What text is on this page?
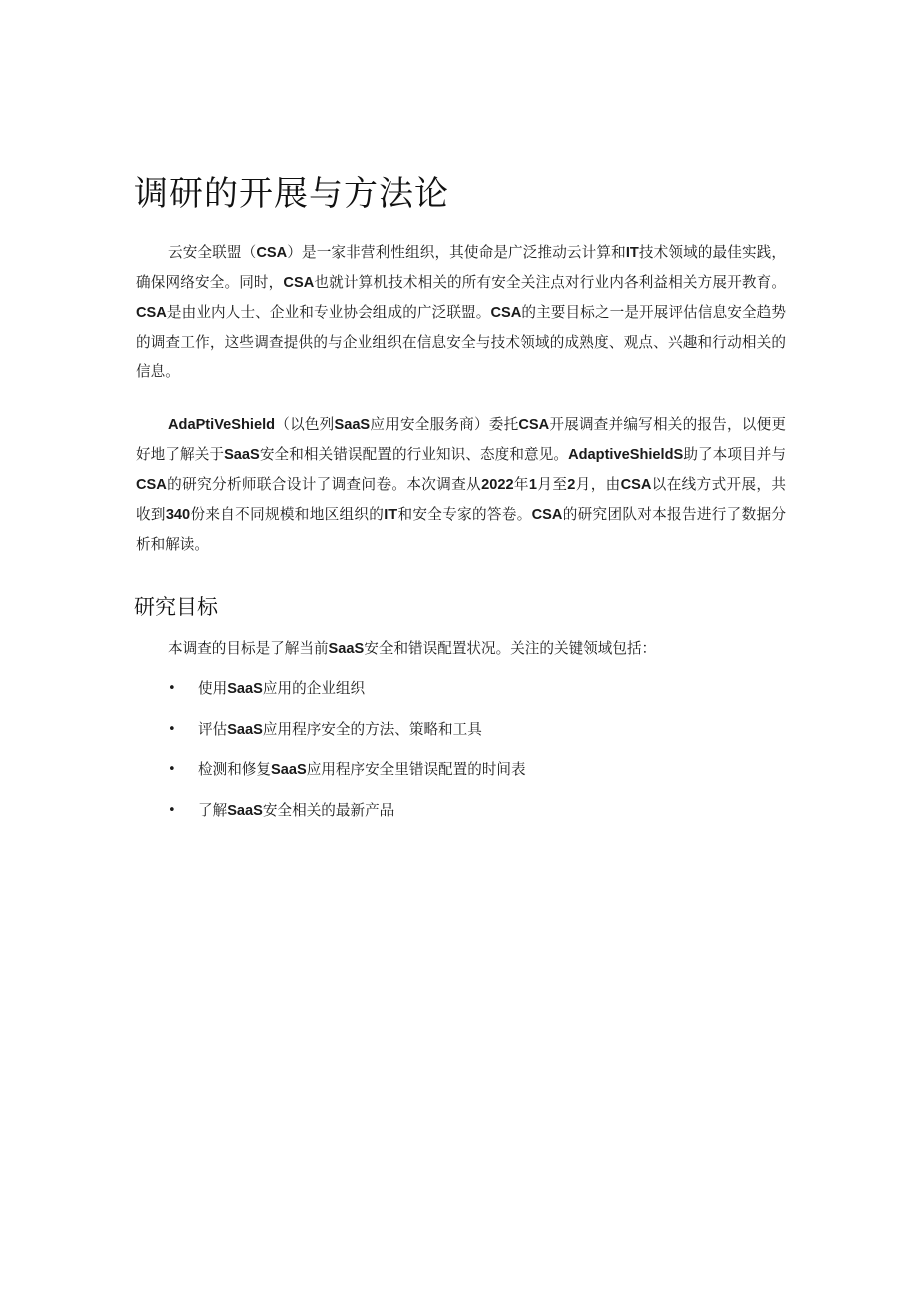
调研的开展与方法论

云安全联盟（CSA）是一家非营利性组织，其使命是广泛推动云计算和IT技术领域的最佳实践，确保网络安全。同时，CSA也就计算机技术相关的所有安全关注点对行业内各利益相关方展开教育。CSA是由业内人士、企业和专业协会组成的广泛联盟。CSA的主要目标之一是开展评估信息安全趋势的调查工作，这些调查提供的与企业组织在信息安全与技术领域的成熟度、观点、兴趣和行动相关的信息。

AdaPtiVeShield（以色列SaaS应用安全服务商）委托CSA开展调查并编写相关的报告，以便更好地了解关于SaaS安全和相关错误配置的行业知识、态度和意见。AdaptiveShieldS助了本项目并与CSA的研究分析师联合设计了调查问卷。本次调查从2022年1月至2月，由CSA以在线方式开展，共收到340份来自不同规模和地区组织的IT和安全专家的答卷。CSA的研究团队对本报告进行了数据分析和解读。

研究目标

本调查的目标是了解当前SaaS安全和错误配置状况。关注的关键领域包括：

•	使用SaaS应用的企业组织
•	评估SaaS应用程序安全的方法、策略和工具
•	检测和修复SaaS应用程序安全里错误配置的时间表
•	了解SaaS安全相关的最新产品
